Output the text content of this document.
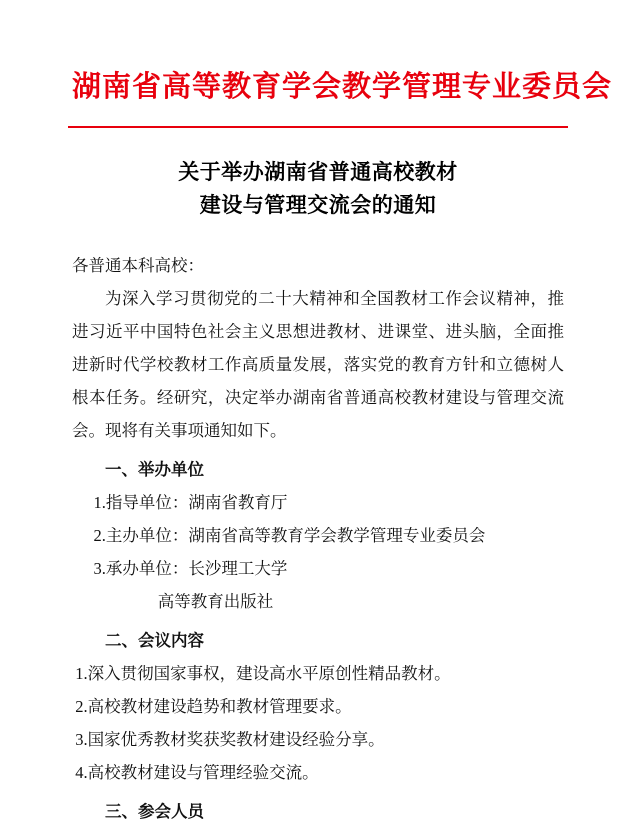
湖南省高等教育学会教学管理专业委员会
关于举办湖南省普通高校教材
建设与管理交流会的通知
各普通本科高校：
为深入学习贯彻党的二十大精神和全国教材工作会议精神，推进习近平中国特色社会主义思想进教材、进课堂、进头脑，全面推进新时代学校教材工作高质量发展，落实党的教育方针和立德树人根本任务。经研究，决定举办湖南省普通高校教材建设与管理交流会。现将有关事项通知如下。
一、举办单位
1.指导单位：湖南省教育厅
2.主办单位：湖南省高等教育学会教学管理专业委员会
3.承办单位：长沙理工大学
高等教育出版社
二、会议内容
1.深入贯彻国家事权，建设高水平原创性精品教材。
2.高校教材建设趋势和教材管理要求。
3.国家优秀教材奖获奖教材建设经验分享。
4.高校教材建设与管理经验交流。
三、参会人员
